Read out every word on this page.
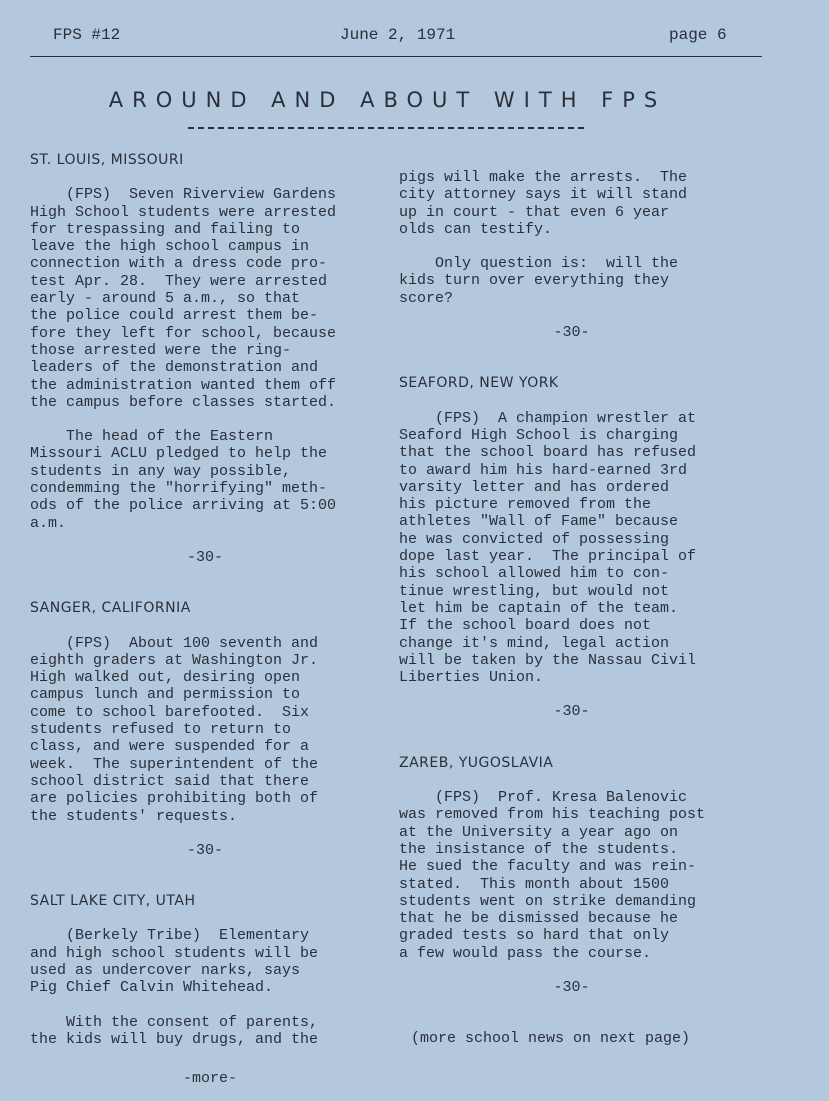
FPS #12	June 2, 1971	page 6
AROUND AND ABOUT WITH FPS

ST. LOUIS, MISSOURI

(FPS)  Seven Riverview Gardens

High School students were arrested

for trespassing and failing to

leave the high school campus in

connection with a dress code pro-

test Apr. 28.  They were arrested

early - around 5 a.m., so that

the police could arrest them be-

fore they left for school, because

those arrested were the ring-

leaders of the demonstration and

the administration wanted them off

the campus before classes started.

The head of the Eastern

Missouri ACLU pledged to help the

students in any way possible,

condemming the "horrifying" meth-

ods of the police arriving at 5:00

a.m.

-30-

SANGER, CALIFORNIA

(FPS)  About 100 seventh and

eighth graders at Washington Jr.

High walked out, desiring open

campus lunch and permission to

come to school barefooted.  Six

students refused to return to

class, and were suspended for a

week.  The superintendent of the

school district said that there

are policies prohibiting both of

the students' requests.

-30-

SALT LAKE CITY, UTAH

(Berkely Tribe)  Elementary

and high school students will be

used as undercover narks, says

Pig Chief Calvin Whitehead.

With the consent of parents,

the kids will buy drugs, and the

pigs will make the arrests.  The

city attorney says it will stand

up in court - that even 6 year

olds can testify.

Only question is:  will the

kids turn over everything they

score?

-30-

SEAFORD, NEW YORK

(FPS)  A champion wrestler at

Seaford High School is charging

that the school board has refused

to award him his hard-earned 3rd

varsity letter and has ordered

his picture removed from the

athletes "Wall of Fame" because

he was convicted of possessing

dope last year.  The principal of

his school allowed him to con-

tinue wrestling, but would not

let him be captain of the team.

If the school board does not

change it's mind, legal action

will be taken by the Nassau Civil

Liberties Union.

-30-

ZAREB, YUGOSLAVIA

(FPS)  Prof. Kresa Balenovic

was removed from his teaching post

at the University a year ago on

the insistance of the students.

He sued the faculty and was rein-

stated.  This month about 1500

students went on strike demanding

that he be dismissed because he

graded tests so hard that only

a few would pass the course.

-30-

(more school news on next page)

-more-
